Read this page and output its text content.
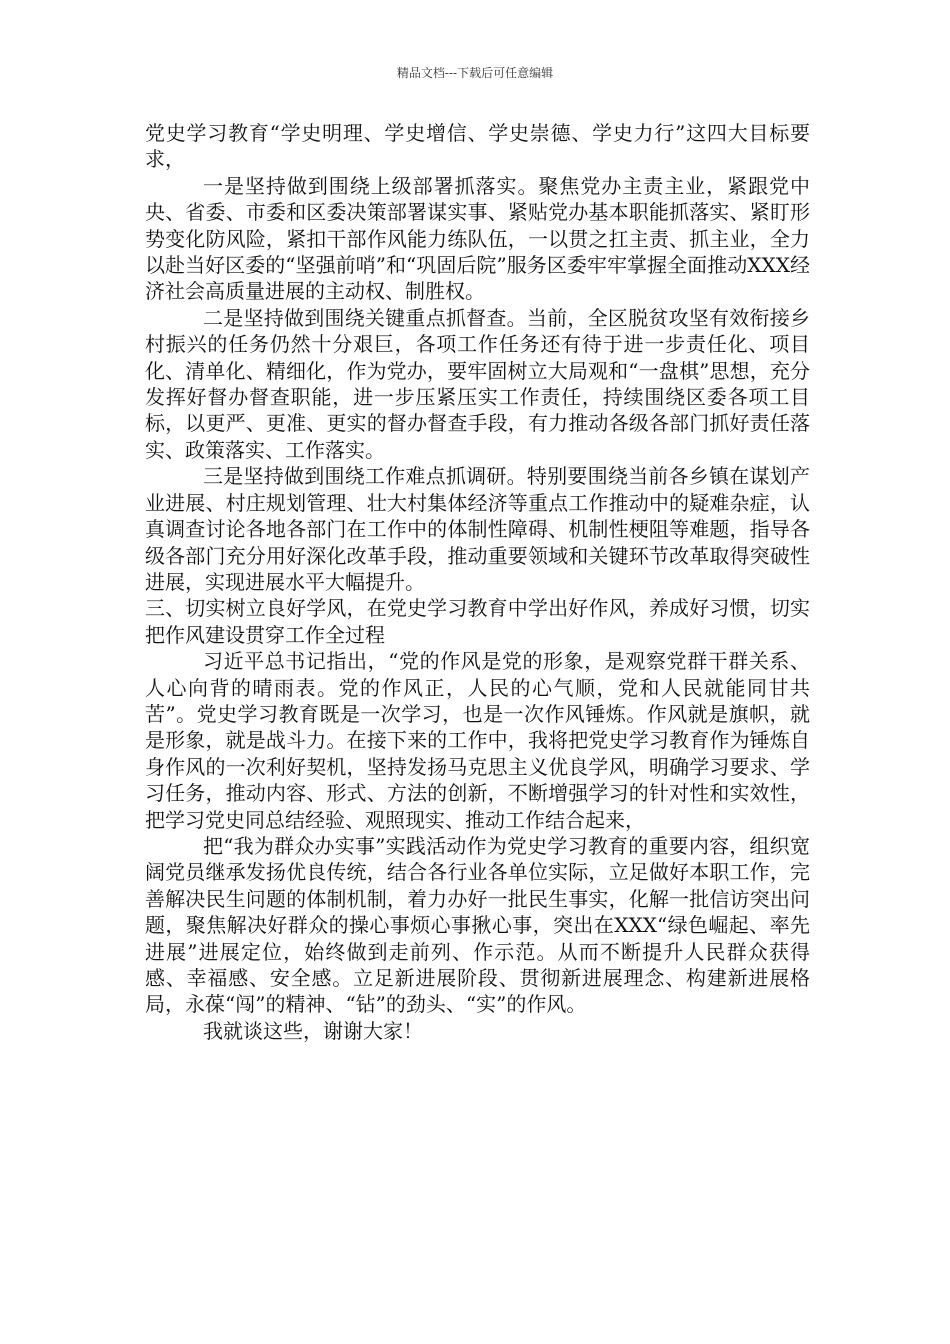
精品文档---下载后可任意编辑

党史学习教育“学史明理、学史增信、学史崇德、学史力行”这四大目标要求，

一是坚持做到围绕上级部署抓落实。聚焦党办主责主业，紧跟党中央、省委、市委和区委决策部署谋实事、紧贴党办基本职能抓落实、紧盯形势变化防风险，紧扣干部作风能力练队伍，一以贯之扛主责、抓主业，全力以赴当好区委的“坚强前哨”和“巩固后院”服务区委牢牢掌握全面推动XXX经济社会高质量进展的主动权、制胜权。

二是坚持做到围绕关键重点抓督查。当前，全区脱贫攻坚有效衔接乡村振兴的任务仍然十分艰巨，各项工作任务还有待于进一步责任化、项目化、清单化、精细化，作为党办，要牢固树立大局观和“一盘棋”思想，充分发挥好督办督查职能，进一步压紧压实工作责任，持续围绕区委各项工目标，以更严、更准、更实的督办督查手段，有力推动各级各部门抓好责任落实、政策落实、工作落实。

三是坚持做到围绕工作难点抓调研。特别要围绕当前各乡镇在谋划产业进展、村庄规划管理、壮大村集体经济等重点工作推动中的疑难杂症，认真调查讨论各地各部门在工作中的体制性障碍、机制性梗阻等难题，指导各级各部门充分用好深化改革手段，推动重要领域和关键环节改革取得突破性进展，实现进展水平大幅提升。

三、切实树立良好学风，在党史学习教育中学出好作风，养成好习惯，切实把作风建设贯穿工作全过程

习近平总书记指出，“党的作风是党的形象，是观察党群干群关系、人心向背的晴雨表。党的作风正，人民的心气顺，党和人民就能同甘共苦”。党史学习教育既是一次学习，也是一次作风锤炼。作风就是旗帜，就是形象，就是战斗力。在接下来的工作中，我将把党史学习教育作为锤炼自身作风的一次利好契机，坚持发扬马克思主义优良学风，明确学习要求、学习任务，推动内容、形式、方法的创新，不断增强学习的针对性和实效性，把学习党史同总结经验、观照现实、推动工作结合起来，

把“我为群众办实事”实践活动作为党史学习教育的重要内容，组织宽阔党员继承发扬优良传统，结合各行业各单位实际，立足做好本职工作，完善解决民生问题的体制机制，着力办好一批民生事实，化解一批信访突出问题，聚焦解决好群众的操心事烦心事揪心事，突出在XXX“绿色崛起、率先进展”进展定位，始终做到走前列、作示范。从而不断提升人民群众获得感、幸福感、安全感。立足新进展阶段、贯彻新进展理念、构建新进展格局，永葆“闯”的精神、“钻”的劲头、“实”的作风。

我就谈这些，谢谢大家！
